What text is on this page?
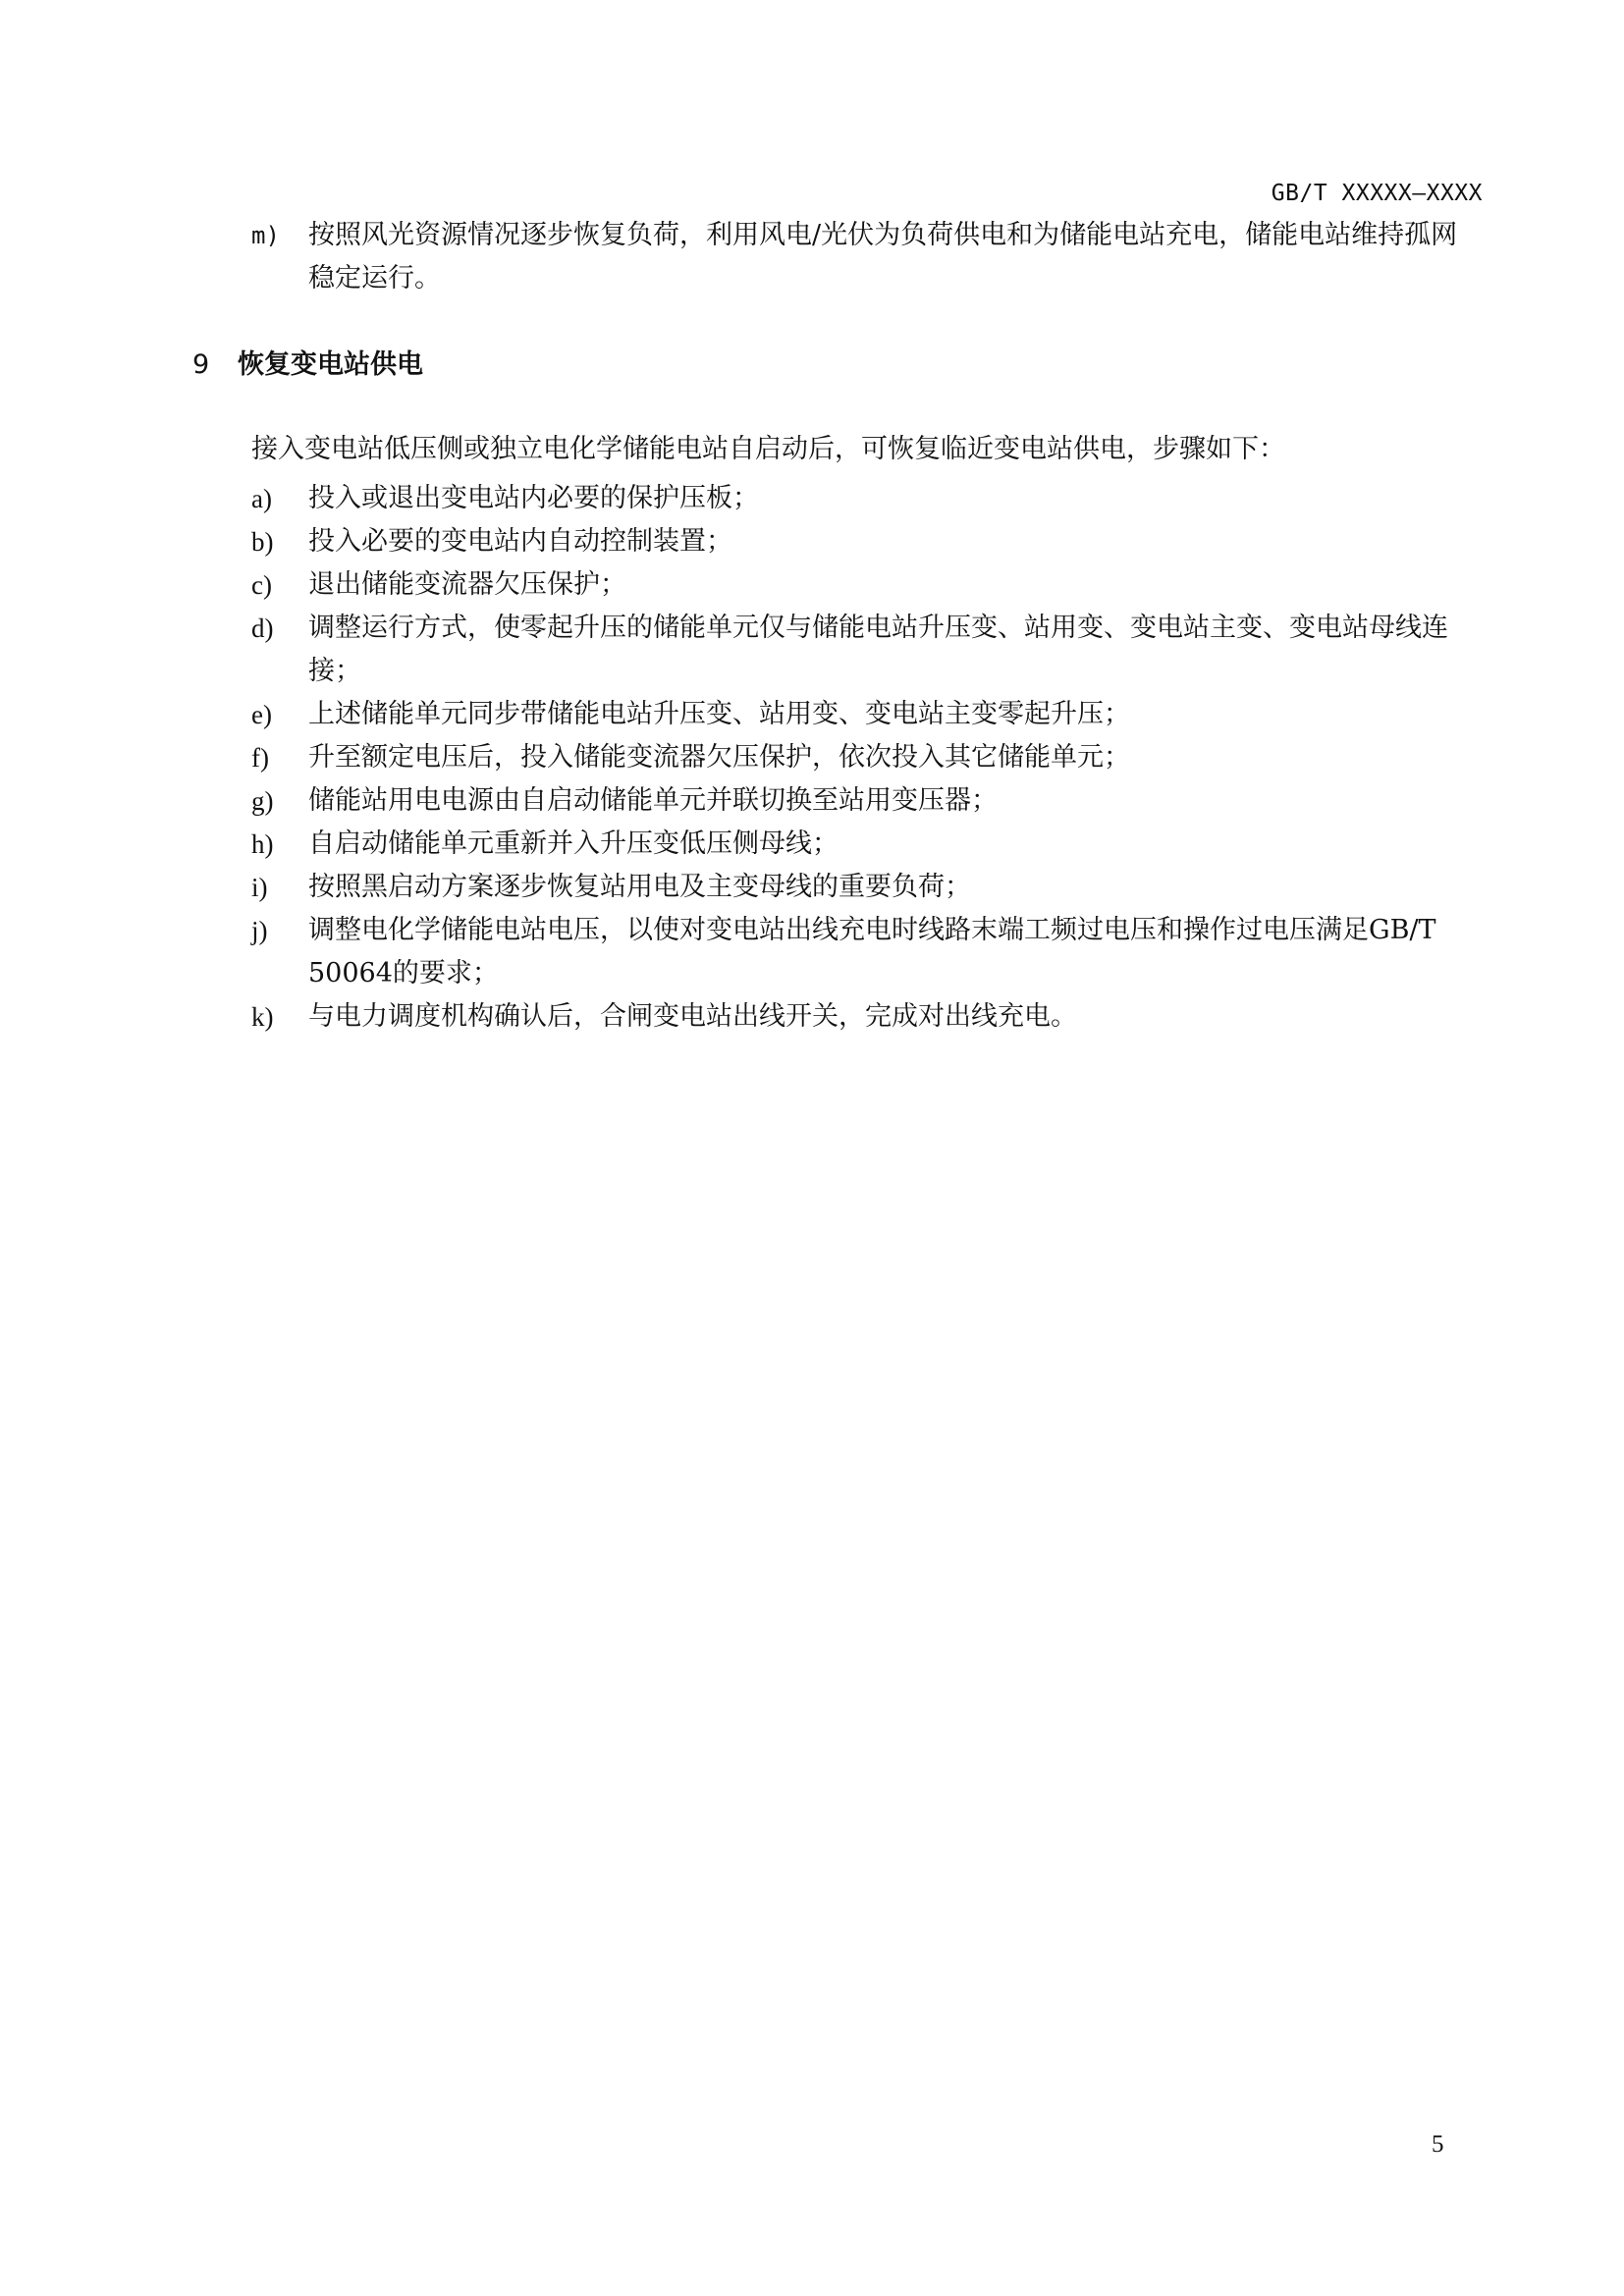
GB/T XXXXX—XXXX
m)	按照风光资源情况逐步恢复负荷，利用风电/光伏为负荷供电和为储能电站充电，储能电站维持孤网稳定运行。
9 恢复变电站供电
接入变电站低压侧或独立电化学储能电站自启动后，可恢复临近变电站供电，步骤如下：
a)	投入或退出变电站内必要的保护压板；
b)	投入必要的变电站内自动控制装置；
c)	退出储能变流器欠压保护；
d)	调整运行方式，使零起升压的储能单元仅与储能电站升压变、站用变、变电站主变、变电站母线连接；
e)	上述储能单元同步带储能电站升压变、站用变、变电站主变零起升压；
f)	升至额定电压后，投入储能变流器欠压保护，依次投入其它储能单元；
g)	储能站用电电源由自启动储能单元并联切换至站用变压器；
h)	自启动储能单元重新并入升压变低压侧母线；
i)	按照黑启动方案逐步恢复站用电及主变母线的重要负荷；
j)	调整电化学储能电站电压，以使对变电站出线充电时线路末端工频过电压和操作过电压满足GB/T 50064的要求；
k)	与电力调度机构确认后，合闸变电站出线开关，完成对出线充电。
5
